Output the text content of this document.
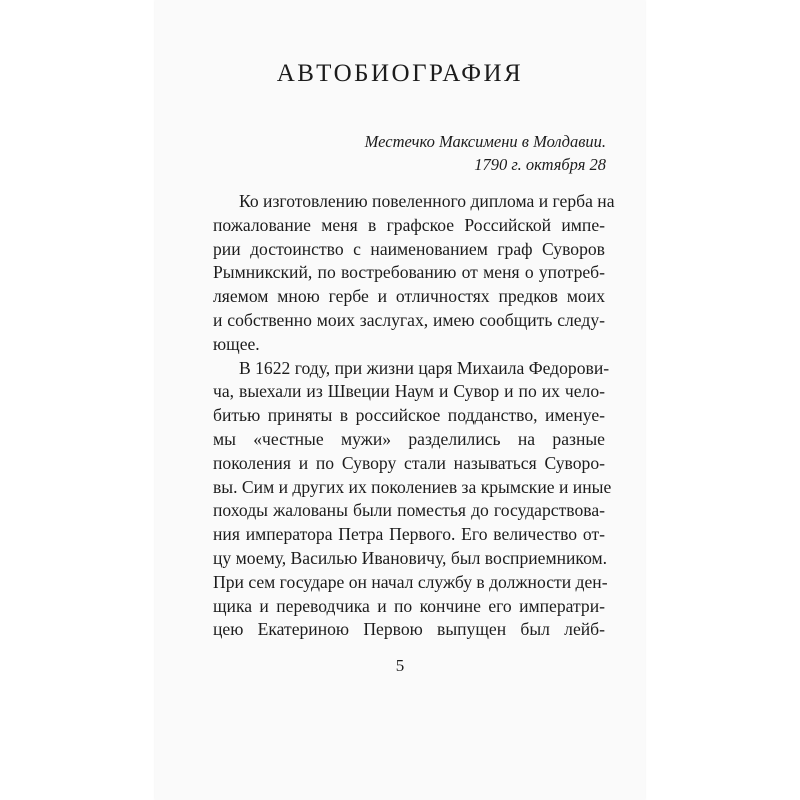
АВТОБИОГРАФИЯ
Местечко Максимени в Молдавии.
1790 г. октября 28
Ко изготовлению повеленного диплома и герба на
пожалование меня в графское Российской импе-
рии достоинство с наименованием граф Суворов
Рымникский, по востребованию от меня о употреб-
ляемом мною гербе и отличностях предков моих
и собственно моих заслугах, имею сообщить следу-
ющее.
В 1622 году, при жизни царя Михаила Федорови-
ча, выехали из Швеции Наум и Сувор и по их чело-
битью приняты в российское подданство, именуе-
мы «честные мужи» разделились на разные
поколения и по Сувору стали называться Суворо-
вы. Сим и других их поколениев за крымские и иные
походы жалованы были поместья до государствова-
ния императора Петра Первого. Его величество от-
цу моему, Василью Ивановичу, был восприемником.
При сем государе он начал службу в должности ден-
щика и переводчика и по кончине его императри-
цею Екатериною Первою выпущен был лейб-
5
